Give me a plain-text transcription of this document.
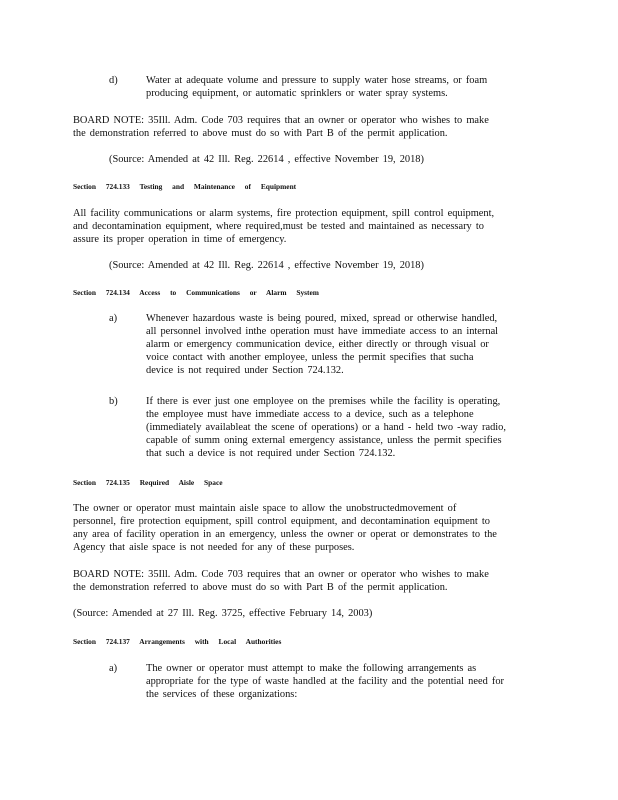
d)	Water at adequate volume and pressure to supply water hose streams, or foam
producing equipment, or automatic sprinklers or water spray systems.
BOARD NOTE: 35Ill. Adm. Code 703 requires that an owner or operator who wishes to make
the demonstration referred to above must do so with Part B of the permit application.
(Source: Amended at 42 Ill. Reg. 22614 , effective November 19, 2018)
Section 724.133 Testing and Maintenance of Equipment
All facility communications or alarm systems, fire protection equipment, spill control equipment,
and decontamination equipment, where required,must be tested and maintained as necessary to
assure its proper operation in time of emergency.
(Source: Amended at 42 Ill. Reg. 22614 , effective November 19, 2018)
Section 724.134 Access to Communications or Alarm System
a)	Whenever hazardous waste is being poured, mixed, spread or otherwise handled,
all personnel involved inthe operation must have immediate access to an internal
alarm or emergency communication device, either directly or through visual or
voice contact with another employee, unless the permit specifies that sucha
device is not required under Section 724.132.
b)	If there is ever just one employee on the premises while the facility is operating,
the employee must have immediate access to a device, such as a telephone
(immediately availableat the scene of operations) or a hand - held two -way radio,
capable of summ oning external emergency assistance, unless the permit specifies
that such a device is not required under Section 724.132.
Section 724.135 Required Aisle Space
The owner or operator must maintain aisle space to allow the unobstructedmovement of
personnel, fire protection equipment, spill control equipment, and decontamination equipment to
any area of facility operation in an emergency, unless the owner or operat or demonstrates to the
Agency that aisle space is not needed for any of these purposes.
BOARD NOTE: 35Ill. Adm. Code 703 requires that an owner or operator who wishes to make
the demonstration referred to above must do so with Part B of the permit application.
(Source: Amended at 27 Ill. Reg. 3725, effective February 14, 2003)
Section 724.137 Arrangements with Local Authorities
a)	The owner or operator must attempt to make the following arrangements as
appropriate for the type of waste handled at the facility and the potential need for
the services of these organizations:
